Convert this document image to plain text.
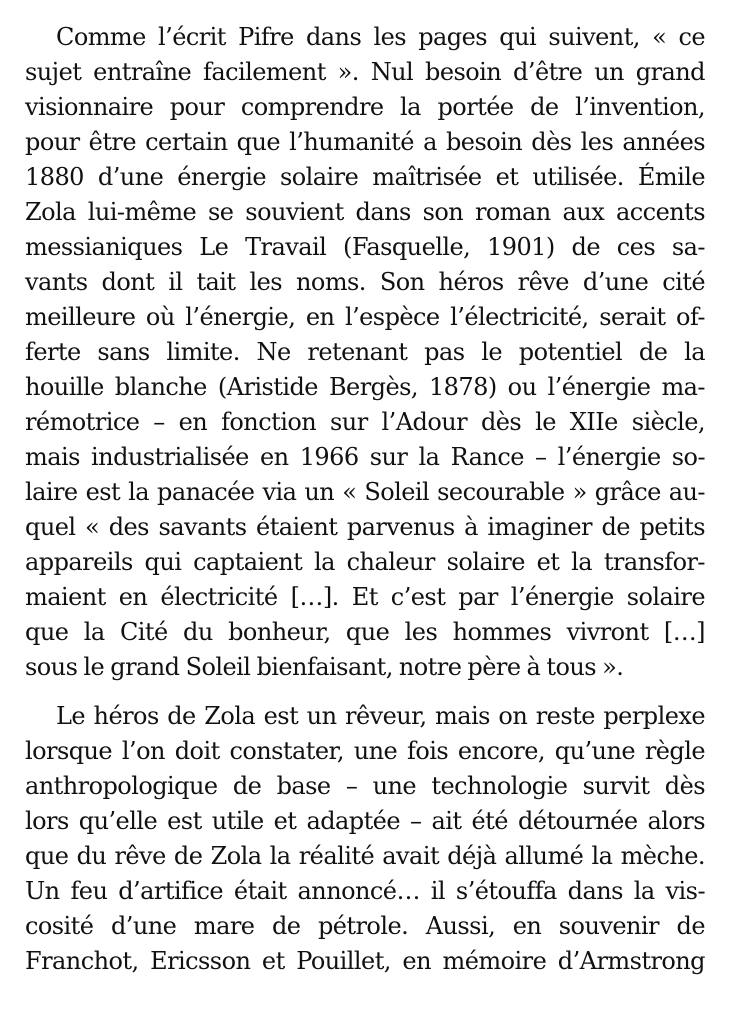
Comme l’écrit Pifre dans les pages qui suivent, « ce
sujet entraîne facilement ». Nul besoin d’être un grand
visionnaire pour comprendre la portée de l’invention,
pour être certain que l’humanité a besoin dès les années
1880 d’une énergie solaire maîtrisée et utilisée. Émile
Zola lui-même se souvient dans son roman aux accents
messianiques Le Travail (Fasquelle, 1901) de ces sa-
vants dont il tait les noms. Son héros rêve d’une cité
meilleure où l’énergie, en l’espèce l’électricité, serait of-
ferte sans limite. Ne retenant pas le potentiel de la
houille blanche (Aristide Bergès, 1878) ou l’énergie ma-
rémotrice – en fonction sur l’Adour dès le XIIe siècle,
mais industrialisée en 1966 sur la Rance – l’énergie so-
laire est la panacée via un « Soleil secourable » grâce au-
quel « des savants étaient parvenus à imaginer de petits
appareils qui captaient la chaleur solaire et la transfor-
maient en électricité […]. Et c’est par l’énergie solaire
que la Cité du bonheur, que les hommes vivront […]
sous le grand Soleil bienfaisant, notre père à tous ».
Le héros de Zola est un rêveur, mais on reste perplexe
lorsque l’on doit constater, une fois encore, qu’une règle
anthropologique de base – une technologie survit dès
lors qu’elle est utile et adaptée – ait été détournée alors
que du rêve de Zola la réalité avait déjà allumé la mèche.
Un feu d’artifice était annoncé… il s’étouffa dans la vis-
cosité d’une mare de pétrole. Aussi, en souvenir de
Franchot, Ericsson et Pouillet, en mémoire d’Armstrong
